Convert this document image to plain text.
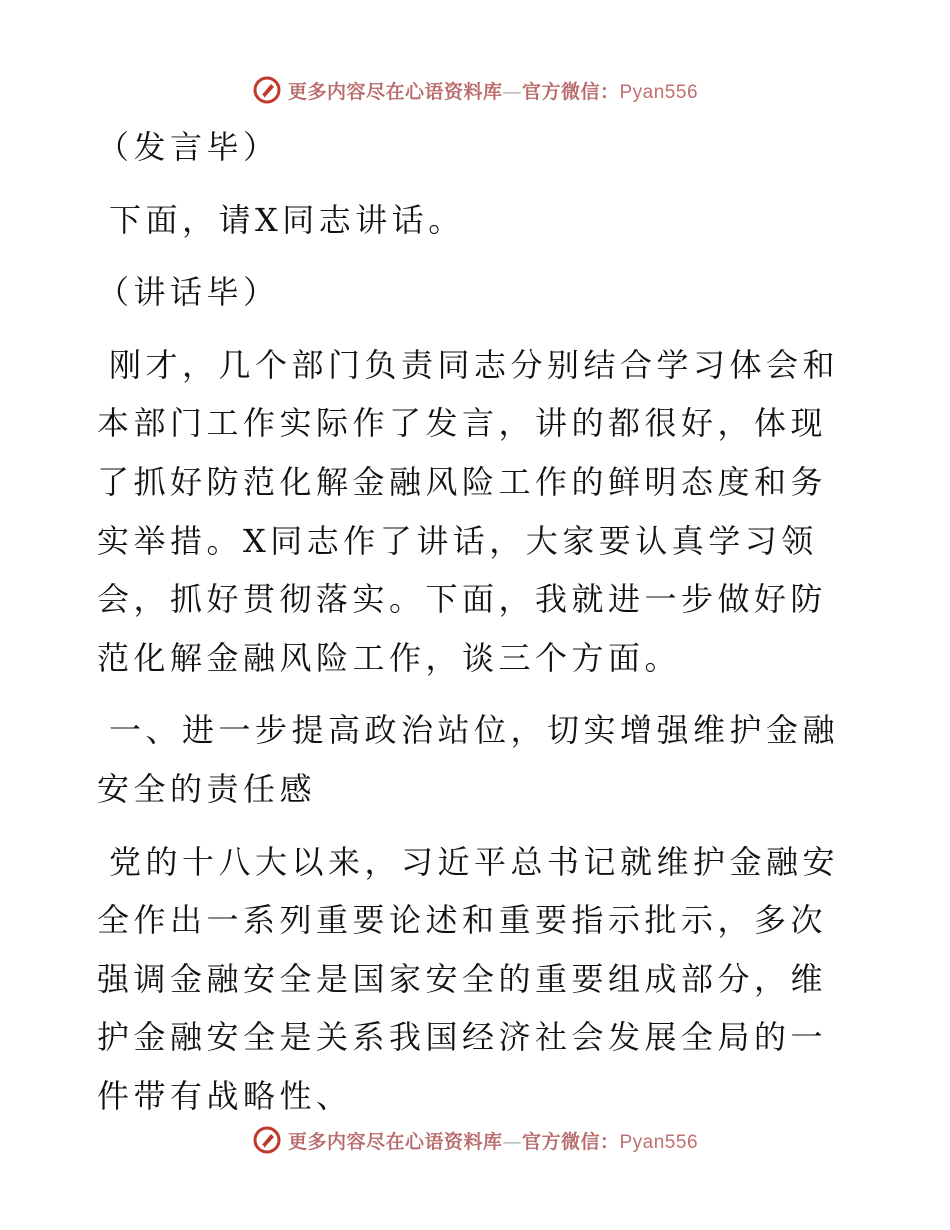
更多内容尽在心语资料库—官方微信：Pyan556

（发言毕）

下面，请X同志讲话。

（讲话毕）

刚才，几个部门负责同志分别结合学习体会和本部门工作实际作了发言，讲的都很好，体现了抓好防范化解金融风险工作的鲜明态度和务实举措。X同志作了讲话，大家要认真学习领会，抓好贯彻落实。下面，我就进一步做好防范化解金融风险工作，谈三个方面。

一、进一步提高政治站位，切实增强维护金融安全的责任感

党的十八大以来，习近平总书记就维护金融安全作出一系列重要论述和重要指示批示，多次强调金融安全是国家安全的重要组成部分，维护金融安全是关系我国经济社会发展全局的一件带有战略性、

更多内容尽在心语资料库—官方微信：Pyan556
